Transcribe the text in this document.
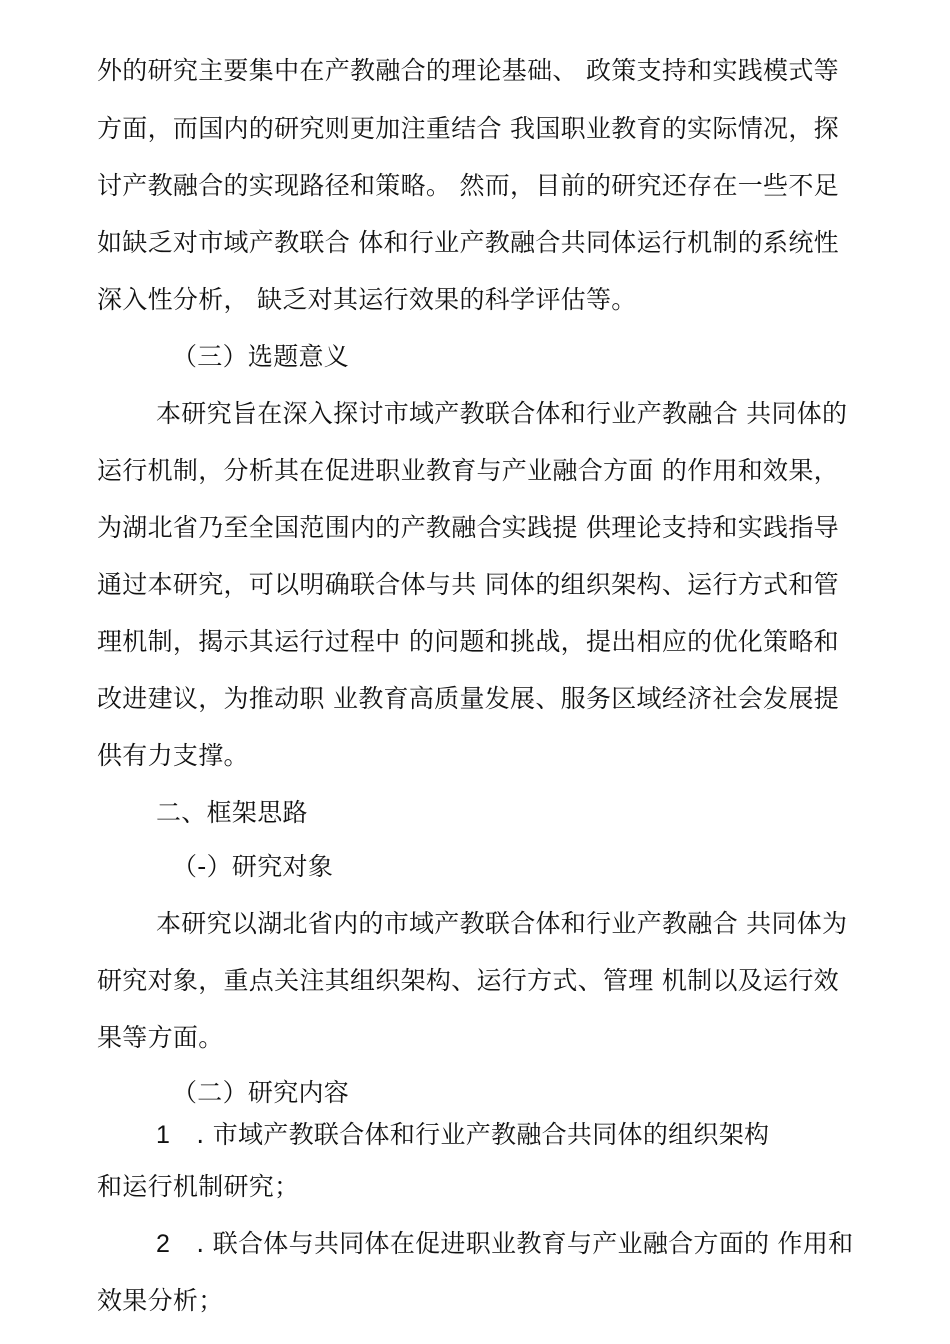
外的研究主要集中在产教融合的理论基础、 政策支持和实践模式等
方面，而国内的研究则更加注重结合 我国职业教育的实际情况，探
讨产教融合的实现路径和策略。 然而，目前的研究还存在一些不足
如缺乏对市域产教联合 体和行业产教融合共同体运行机制的系统性
深入性分析， 缺乏对其运行效果的科学评估等。
（三）选题意义
本研究旨在深入探讨市域产教联合体和行业产教融合 共同体的
运行机制，分析其在促进职业教育与产业融合方面 的作用和效果，
为湖北省乃至全国范围内的产教融合实践提 供理论支持和实践指导
通过本研究，可以明确联合体与共 同体的组织架构、运行方式和管
理机制，揭示其运行过程中 的问题和挑战，提出相应的优化策略和
改进建议，为推动职 业教育高质量发展、服务区域经济社会发展提
供有力支撑。
二、框架思路
（-）研究对象
本研究以湖北省内的市域产教联合体和行业产教融合 共同体为
研究对象，重点关注其组织架构、运行方式、管理 机制以及运行效
果等方面。
（二）研究内容
1 . 市域产教联合体和行业产教融合共同体的组织架构
和运行机制研究；
2 . 联合体与共同体在促进职业教育与产业融合方面的 作用和
效果分析；
